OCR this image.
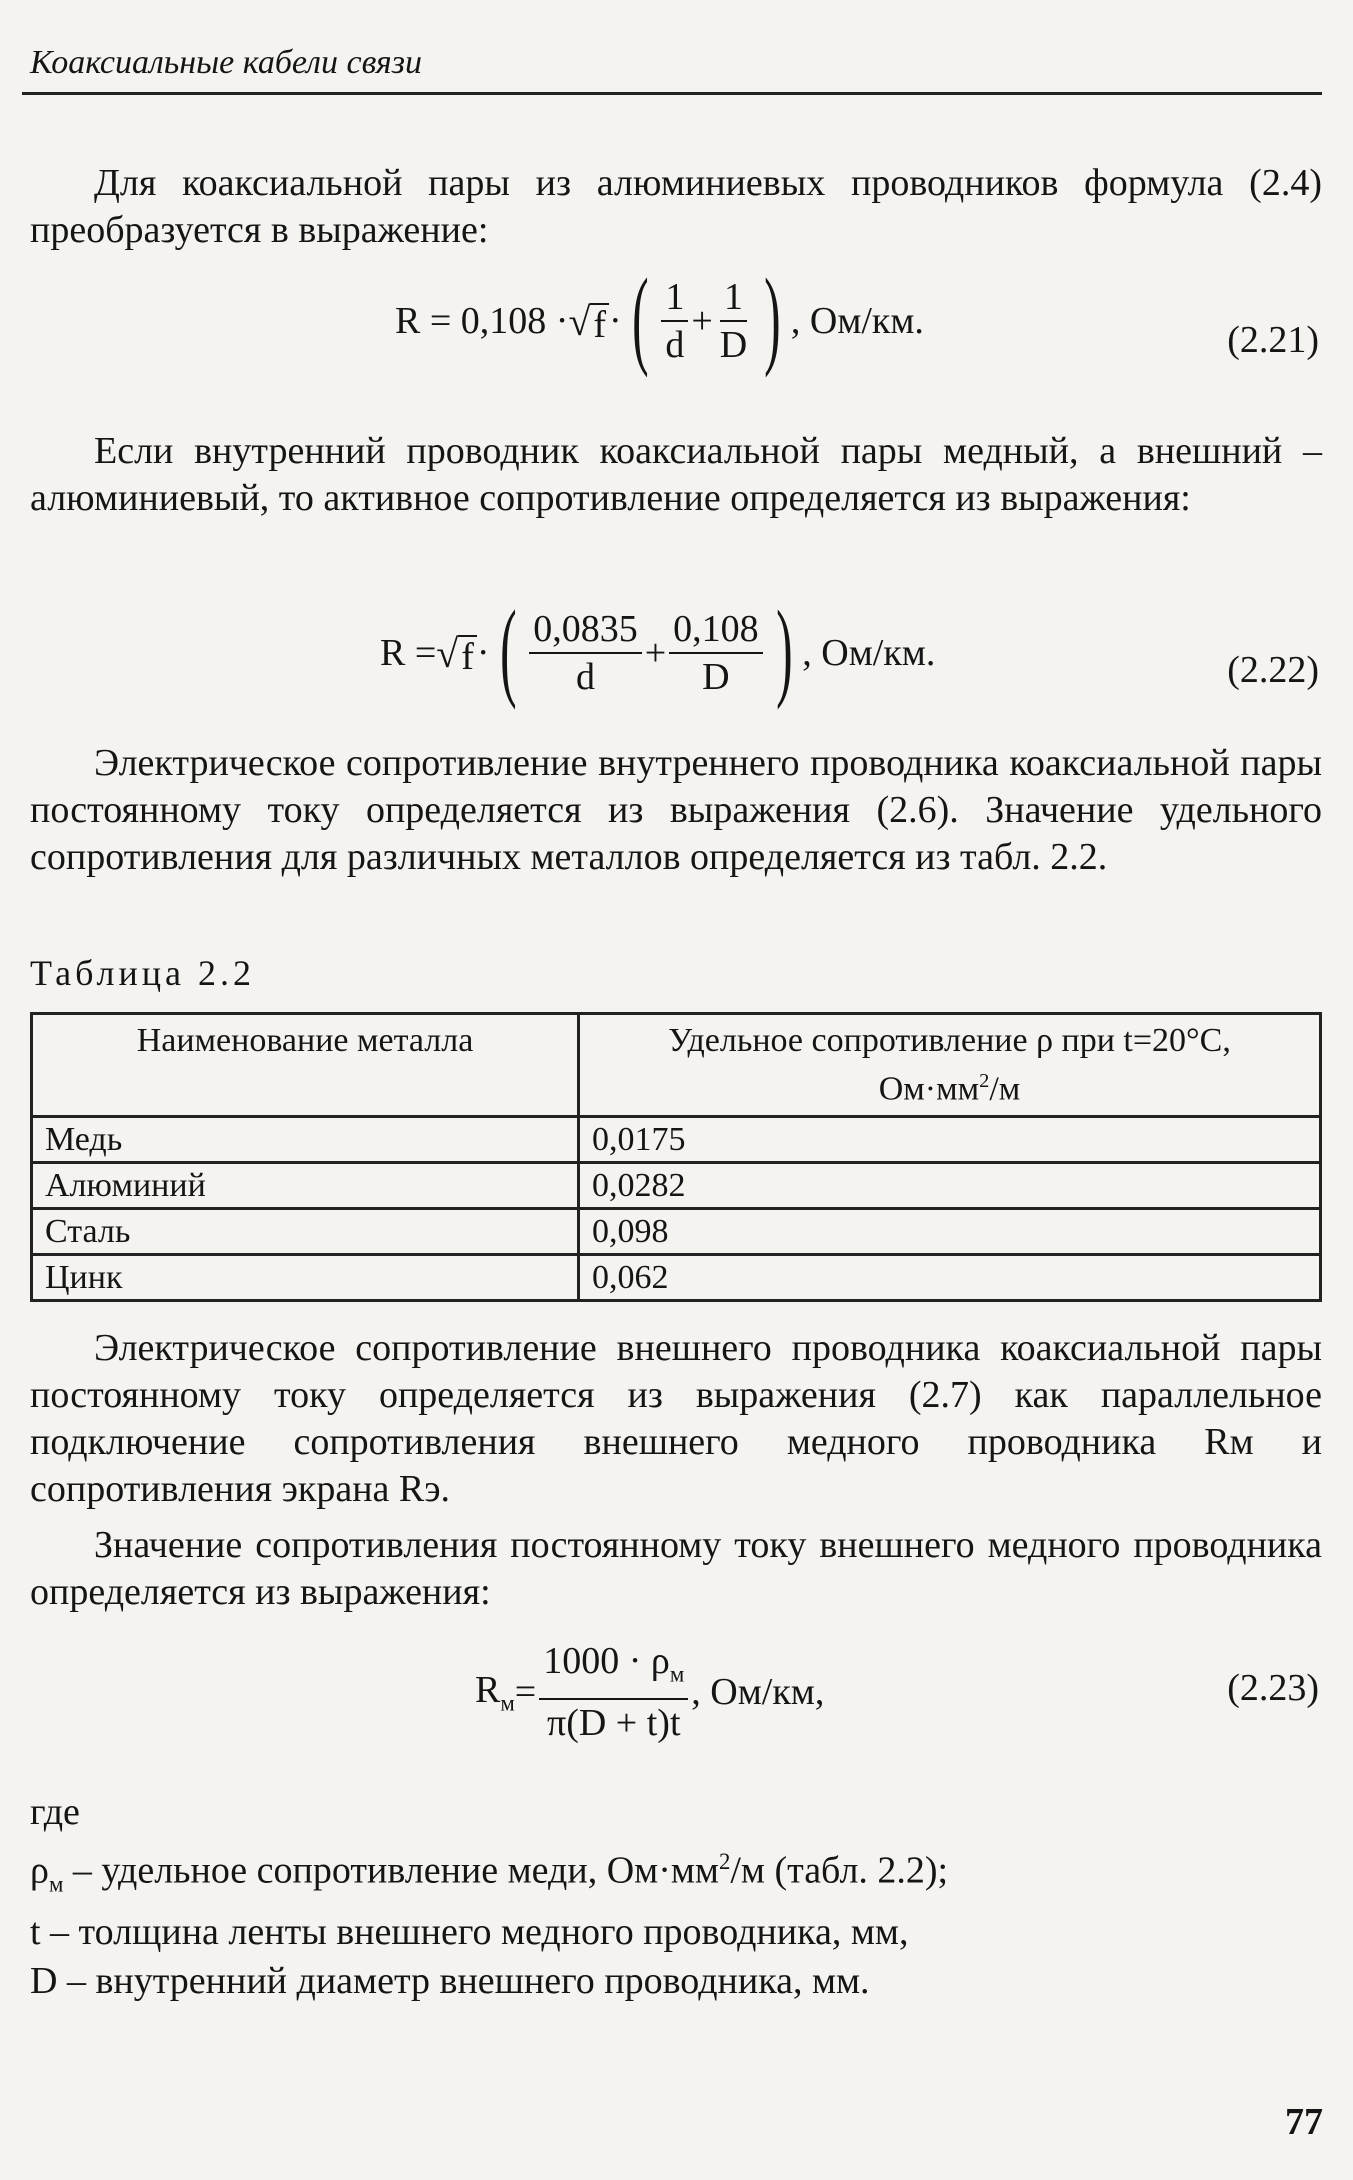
Коаксиальные кабели связи
Для коаксиальной пары из алюминиевых проводников формула (2.4) преобразуется в выражение:
R = 0,108 · √ f · ( $\frac{1}{d} + \frac{1}{D}$ ) , Ом/км.	(2.21)
Если внутренний проводник коаксиальной пары медный, а внешний – алюминиевый, то активное сопротивление определяется из выражения:
R = √ f · ( $\frac{0,0835}{d} + \frac{0,108}{D}$ ) , Ом/км.	(2.22)
Электрическое сопротивление внутреннего проводника коаксиальной пары постоянному току определяется из выражения (2.6). Значение удельного сопротивления для различных металлов определяется из табл. 2.2.
Таблица 2.2
Наименование металла	Удельное сопротивление ρ при t=20°C,
$Ом\cdot мм^2/м$

Медь	0,0175
Алюминий	0,0282
Сталь	0,098
Цинк	0,062
Электрическое сопротивление внешнего проводника коаксиальной пары постоянному току определяется из выражения (2.7) как параллельное подключение сопротивления внешнего медного проводника Rм и сопротивления экрана Rэ.
Значение сопротивления постоянному току внешнего медного проводника определяется из выражения:
$R_м = \frac{1000 \cdot \rho_м}{\pi(D + t)t}$ , Ом/км,	(2.23)
где
$\rho_м$ – удельное сопротивление меди, $Ом\cdot мм^2/м$ (табл. 2.2);
t – толщина ленты внешнего медного проводника, мм,
D – внутренний диаметр внешнего проводника, мм.
77
